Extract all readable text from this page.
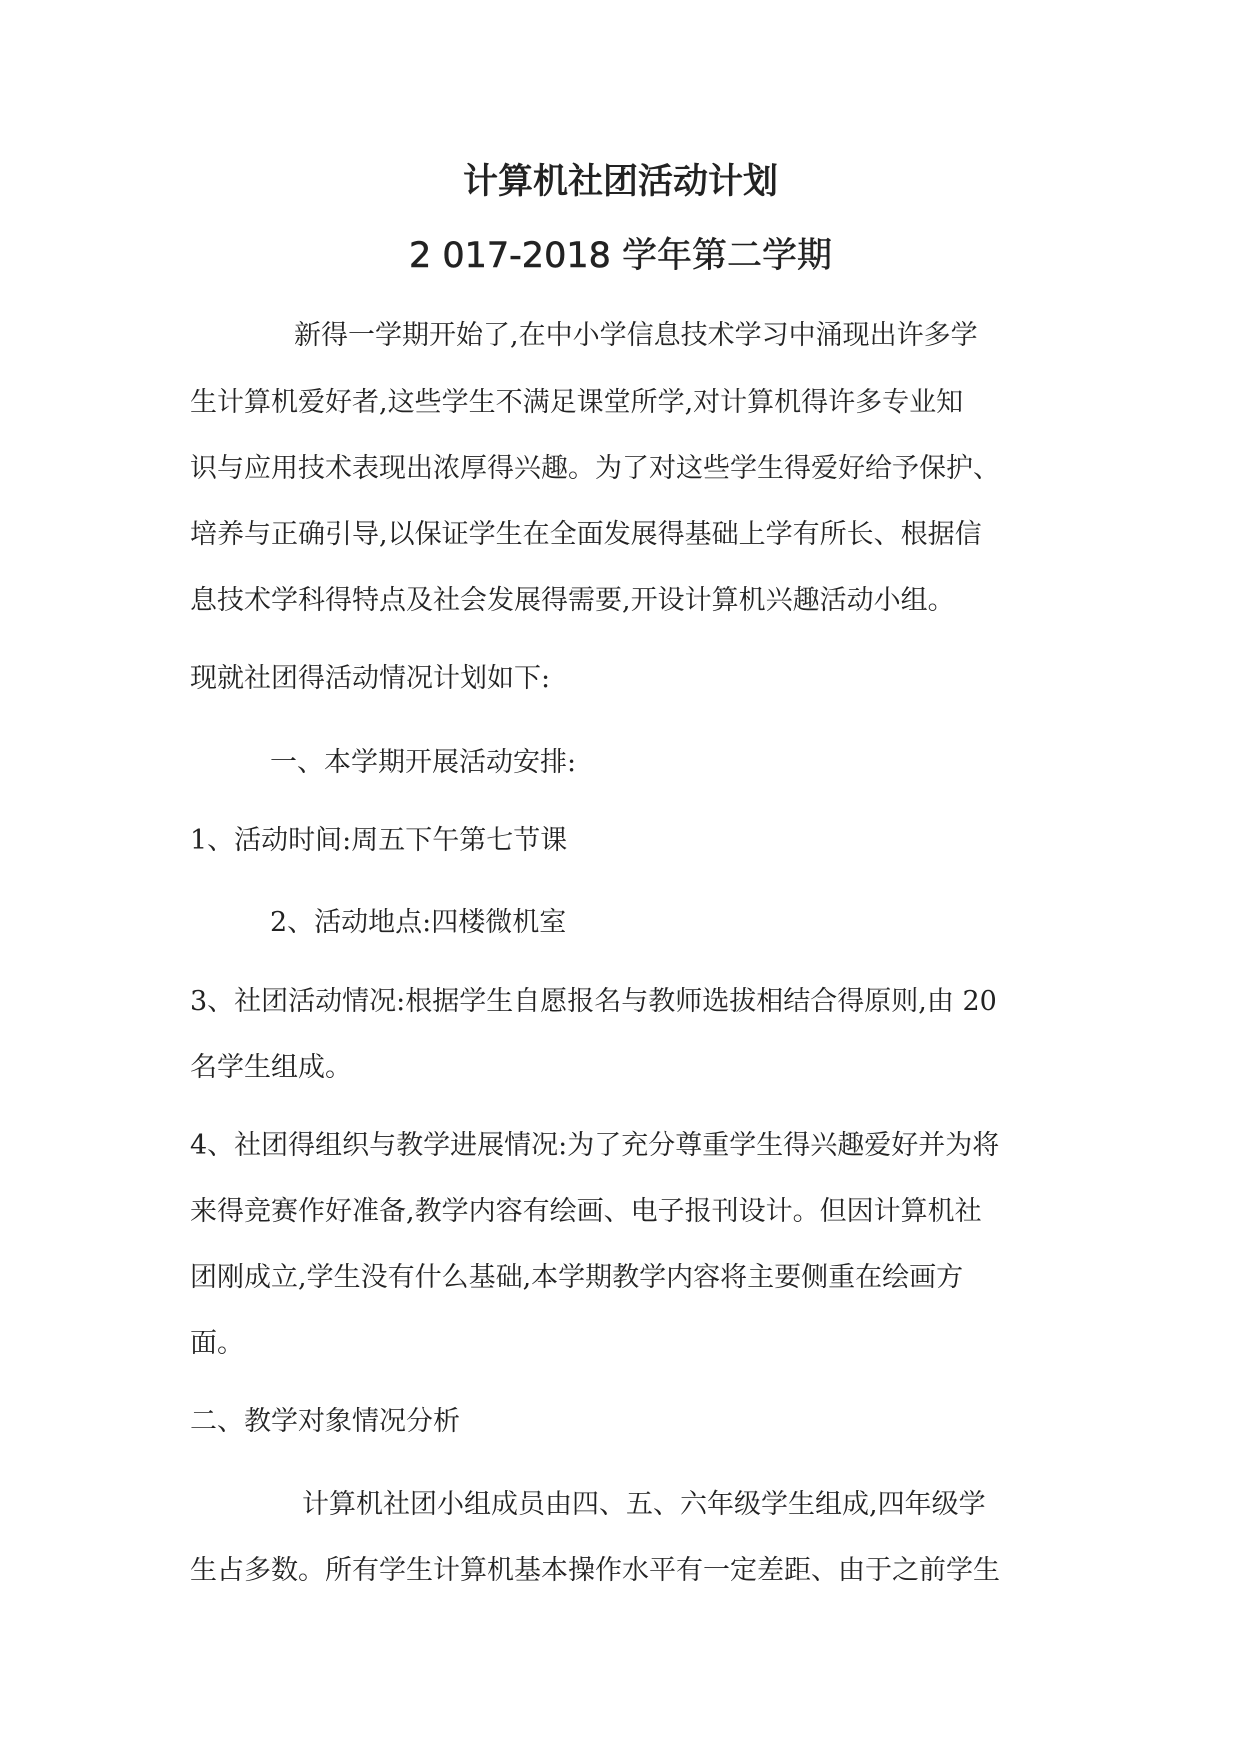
计算机社团活动计划
2 017-2018 学年第二学期
新得一学期开始了,在中小学信息技术学习中涌现出许多学
生计算机爱好者,这些学生不满足课堂所学,对计算机得许多专业知
识与应用技术表现出浓厚得兴趣。为了对这些学生得爱好给予保护、
培养与正确引导,以保证学生在全面发展得基础上学有所长、根据信
息技术学科得特点及社会发展得需要,开设计算机兴趣活动小组。
现就社团得活动情况计划如下:
一、本学期开展活动安排:
1、活动时间:周五下午第七节课
2、活动地点:四楼微机室
3、社团活动情况:根据学生自愿报名与教师选拔相结合得原则,由 20
名学生组成。
4、社团得组织与教学进展情况:为了充分尊重学生得兴趣爱好并为将
来得竞赛作好准备,教学内容有绘画、电子报刊设计。但因计算机社
团刚成立,学生没有什么基础,本学期教学内容将主要侧重在绘画方
面。
二、教学对象情况分析
计算机社团小组成员由四、五、六年级学生组成,四年级学
生占多数。所有学生计算机基本操作水平有一定差距、由于之前学生
